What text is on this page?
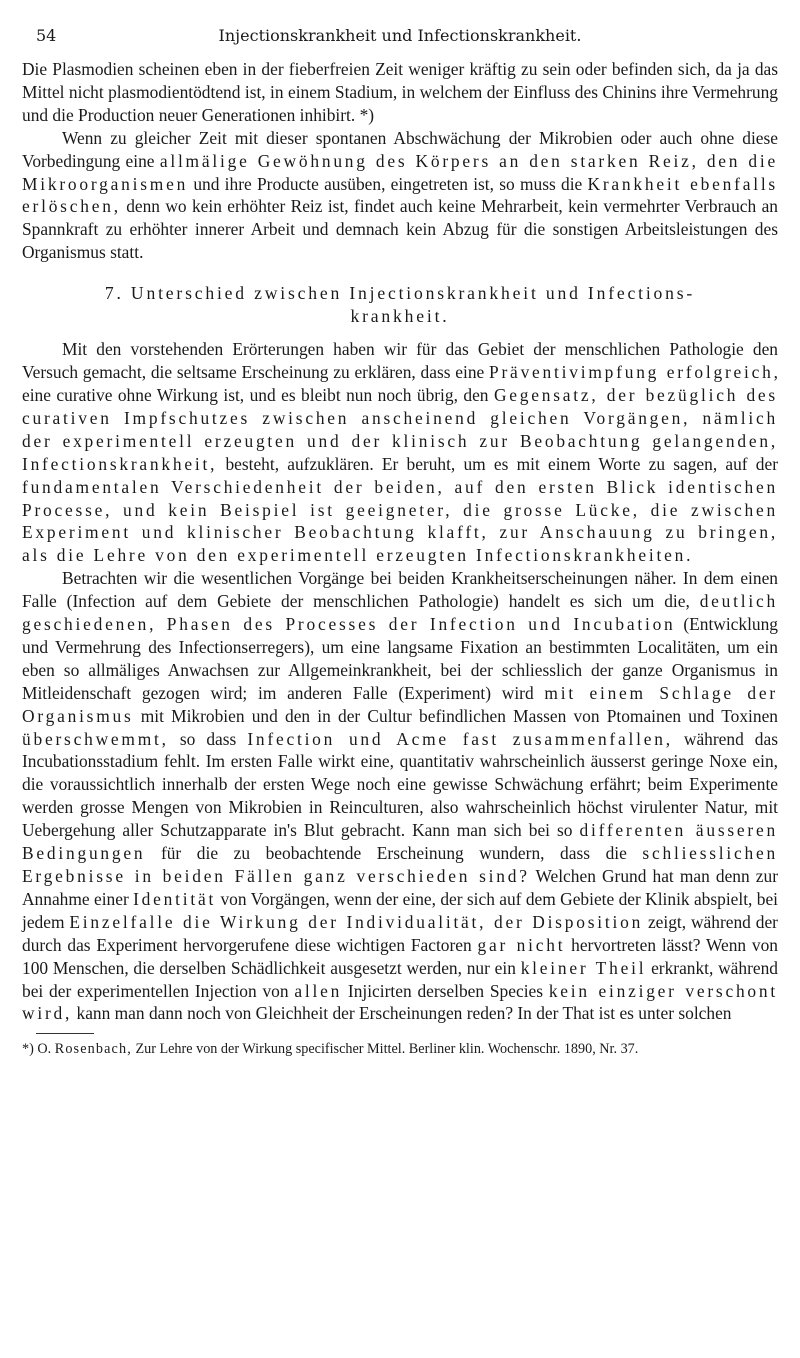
54	Injectionskrankheit und Infectionskrankheit.

Die Plasmodien scheinen eben in der fieberfreien Zeit weniger kräftig zu sein oder befinden sich, da ja das Mittel nicht plasmodientödtend ist, in einem Stadium, in welchem der Einfluss des Chinins ihre Vermehrung und die Production neuer Generationen inhibirt. *)

Wenn zu gleicher Zeit mit dieser spontanen Abschwächung der Mikrobien oder auch ohne diese Vorbedingung eine allmälige Gewöhnung des Körpers an den starken Reiz, den die Mikroorganismen und ihre Producte ausüben, eingetreten ist, so muss die Krankheit ebenfalls erlöschen, denn wo kein erhöhter Reiz ist, findet auch keine Mehrarbeit, kein vermehrter Verbrauch an Spannkraft zu erhöhter innerer Arbeit und demnach kein Abzug für die sonstigen Arbeitsleistungen des Organismus statt.

7. Unterschied zwischen Injectionskrankheit und Infections-
krankheit.

Mit den vorstehenden Erörterungen haben wir für das Gebiet der menschlichen Pathologie den Versuch gemacht, die seltsame Erscheinung zu erklären, dass eine Präventivimpfung erfolgreich, eine curative ohne Wirkung ist, und es bleibt nun noch übrig, den Gegensatz, der bezüglich des curativen Impfschutzes zwischen anscheinend gleichen Vorgängen, nämlich der experimentell erzeugten und der klinisch zur Beobachtung gelangenden, Infectionskrankheit, besteht, aufzuklären. Er beruht, um es mit einem Worte zu sagen, auf der fundamentalen Verschiedenheit der beiden, auf den ersten Blick identischen Processe, und kein Beispiel ist geeigneter, die grosse Lücke, die zwischen Experiment und klinischer Beobachtung klafft, zur Anschauung zu bringen, als die Lehre von den experimentell erzeugten Infectionskrankheiten.

Betrachten wir die wesentlichen Vorgänge bei beiden Krankheitserscheinungen näher. In dem einen Falle (Infection auf dem Gebiete der menschlichen Pathologie) handelt es sich um die, deutlich geschiedenen, Phasen des Processes der Infection und Incubation (Entwicklung und Vermehrung des Infectionserregers), um eine langsame Fixation an bestimmten Localitäten, um ein eben so allmäliges Anwachsen zur Allgemeinkrankheit, bei der schliesslich der ganze Organismus in Mitleidenschaft gezogen wird; im anderen Falle (Experiment) wird mit einem Schlage der Organismus mit Mikrobien und den in der Cultur befindlichen Massen von Ptomainen und Toxinen überschwemmt, so dass Infection und Acme fast zusammenfallen, während das Incubationsstadium fehlt. Im ersten Falle wirkt eine, quantitativ wahrscheinlich äusserst geringe Noxe ein, die voraussichtlich innerhalb der ersten Wege noch eine gewisse Schwächung erfährt; beim Experimente werden grosse Mengen von Mikrobien in Reinculturen, also wahrscheinlich höchst virulenter Natur, mit Uebergehung aller Schutzapparate in's Blut gebracht. Kann man sich bei so differenten äusseren Bedingungen für die zu beobachtende Erscheinung wundern, dass die schliesslichen Ergebnisse in beiden Fällen ganz verschieden sind? Welchen Grund hat man denn zur Annahme einer Identität von Vorgängen, wenn der eine, der sich auf dem Gebiete der Klinik abspielt, bei jedem Einzelfalle die Wirkung der Individualität, der Disposition zeigt, während der durch das Experiment hervorgerufene diese wichtigen Factoren gar nicht hervortreten lässt? Wenn von 100 Menschen, die derselben Schädlichkeit ausgesetzt werden, nur ein kleiner Theil erkrankt, während bei der experimentellen Injection von allen Injicirten derselben Species kein einziger verschont wird, kann man dann noch von Gleichheit der Erscheinungen reden? In der That ist es unter solchen

*) O. Rosenbach, Zur Lehre von der Wirkung specifischer Mittel. Berliner klin. Wochenschr. 1890, Nr. 37.
